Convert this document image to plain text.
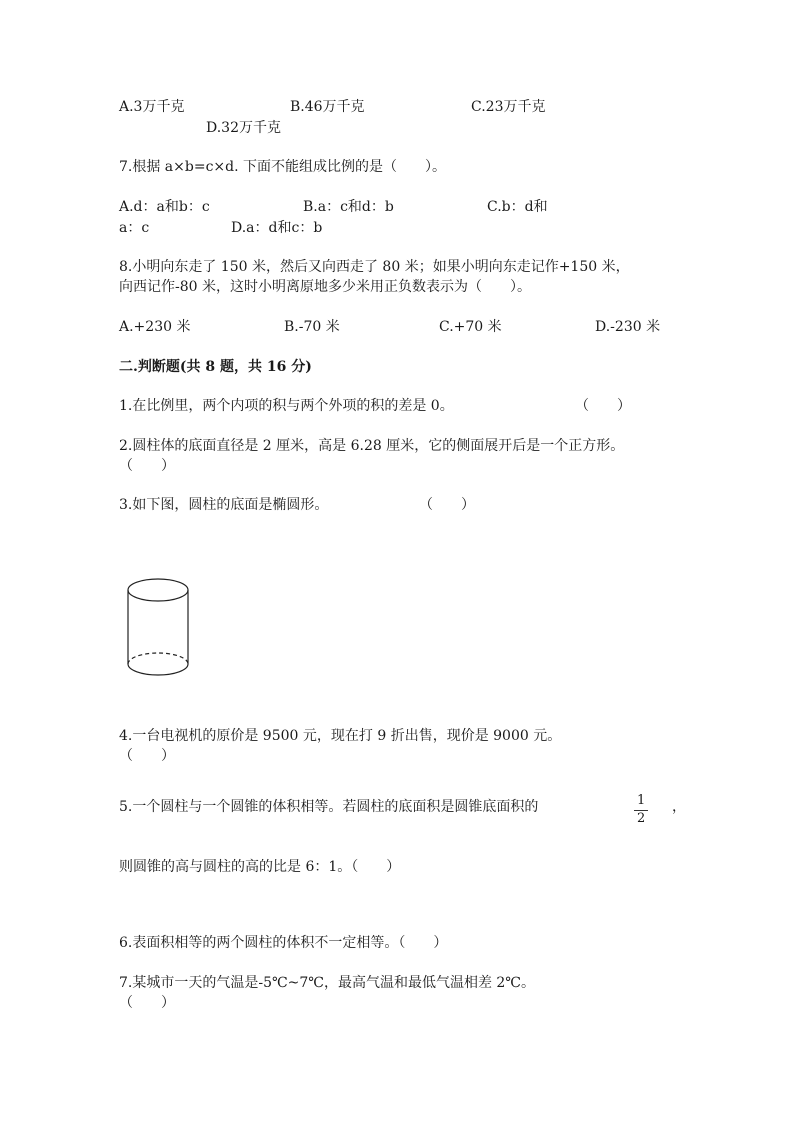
A.3万千克	B.46万千克	C.23万千克
D.32万千克
7.根据 a×b=c×d. 下面不能组成比例的是（　　）。
A.d：a和b：c	B.a：c和d：b	C.b：d和
a：c	D.a：d和c：b
8.小明向东走了 150 米，然后又向西走了 80 米；如果小明向东走记作+150 米，
向西记作-80 米，这时小明离原地多少米用正负数表示为（　　）。
A.+230 米	B.-70 米	C.+70 米	D.-230 米
二.判断题(共 8 题，共 16 分)
1.在比例里，两个内项的积与两个外项的积的差是 0。	（　　）
2.圆柱体的底面直径是 2 厘米，高是 6.28 厘米，它的侧面展开后是一个正方形。
（　　）
3.如下图，圆柱的底面是椭圆形。	（　　）
4.一台电视机的原价是 9500 元，现在打 9 折出售，现价是 9000 元。
（　　）
5.一个圆柱与一个圆锥的体积相等。若圆柱的底面积是圆锥底面积的	1
2
，
则圆锥的高与圆柱的高的比是 6：1。（　　）
6.表面积相等的两个圆柱的体积不一定相等。（　　）
7.某城市一天的气温是-5℃~7℃，最高气温和最低气温相差 2℃。
（　　）
